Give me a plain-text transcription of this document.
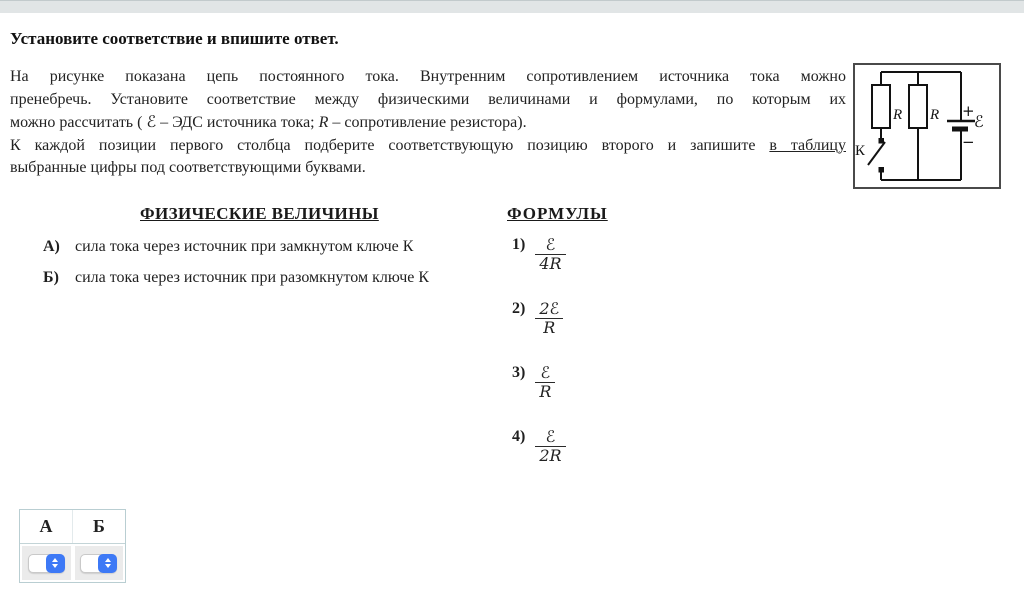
Установите соответствие и впишите ответ.
На рисунке показана цепь постоянного тока. Внутренним сопротивлением источника тока можно
пренебречь. Установите соответствие между физическими величинами и формулами, по которым их
можно рассчитать ( ℰ – ЭДС источника тока; R – сопротивление резистора).
К каждой позиции первого столбца подберите соответствующую позицию второго и запишите в таблицу
выбранные цифры под соответствующими буквами.
R R
К
+
−
ℰ
ФИЗИЧЕСКИЕ ВЕЛИЧИНЫ	ФОРМУЛЫ
А) сила тока через источник при замкнутом ключе К
Б) сила тока через источник при разомкнутом ключе К
$1) \frac{\text{ℰ}}{4R}$
$2) \frac{\text{2ℰ}}{R}$
$3) \frac{\text{ℰ}}{R}$
$4) \frac{\text{ℰ}}{2R}$
А	Б
